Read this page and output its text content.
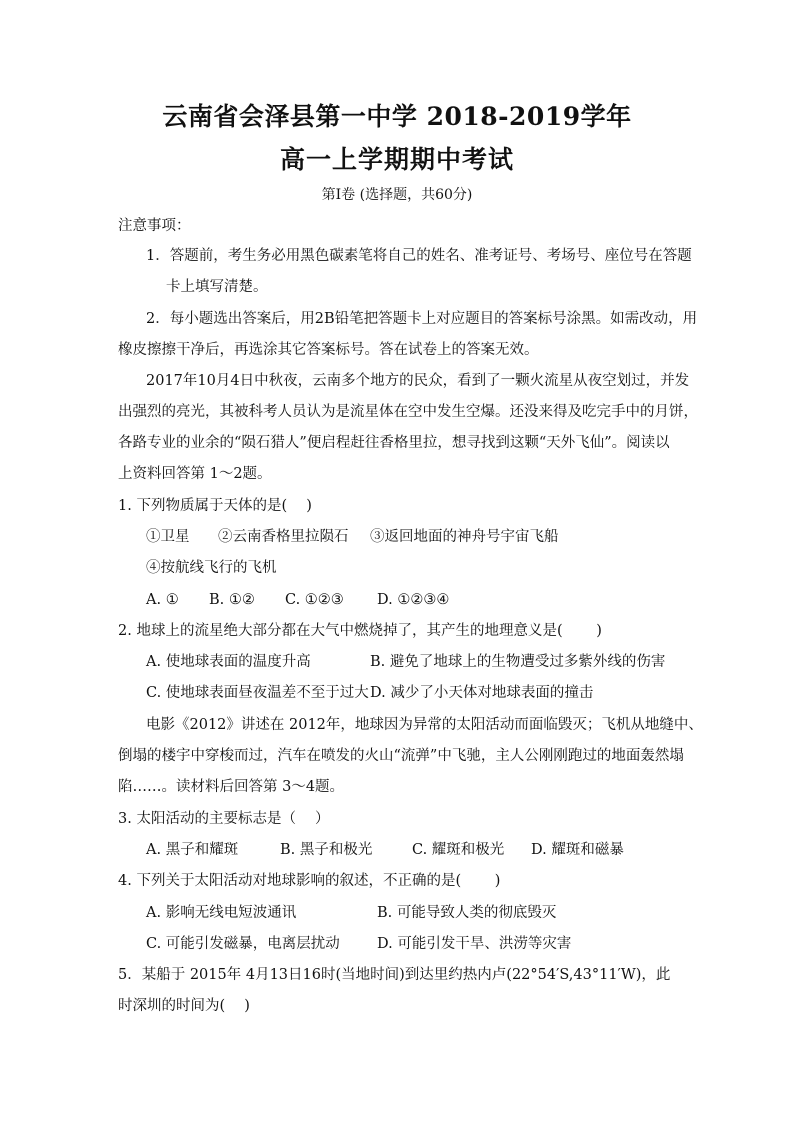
云南省会泽县第一中学 2018-2019学年
高一上学期期中考试
第Ⅰ卷 (选择题，共60分)
注意事项：
1．答题前，考生务必用黑色碳素笔将自己的姓名、准考证号、考场号、座位号在答题
卡上填写清楚。
2．每小题选出答案后，用2B铅笔把答题卡上对应题目的答案标号涂黑。如需改动，用
橡皮擦擦干净后，再选涂其它答案标号。答在试卷上的答案无效。
2017年10月4日中秋夜，云南多个地方的民众，看到了一颗火流星从夜空划过，并发
出强烈的亮光，其被科考人员认为是流星体在空中发生空爆。还没来得及吃完手中的月饼，
各路专业的业余的“陨石猎人”便启程赶往香格里拉，想寻找到这颗“天外飞仙”。阅读以
上资料回答第 1～2题。
1. 下列物质属于天体的是(　 )
①卫星 ②云南香格里拉陨石 ③返回地面的神舟号宇宙飞船
④按航线飞行的飞机
A. ① B. ①② C. ①②③ D. ①②③④
2. 地球上的流星绝大部分都在大气中燃烧掉了，其产生的地理意义是(　 　)
A. 使地球表面的温度升高	B. 避免了地球上的生物遭受过多紫外线的伤害
C. 使地球表面昼夜温差不至于过大 D. 减少了小天体对地球表面的撞击
电影《2012》讲述在 2012年，地球因为异常的太阳活动而面临毁灭；飞机从地缝中、
倒塌的楼宇中穿梭而过，汽车在喷发的火山“流弹”中飞驰，主人公刚刚跑过的地面轰然塌
陷……。读材料后回答第 3～4题。
3. 太阳活动的主要标志是（　 ）
A. 黑子和耀斑	B. 黑子和极光	C. 耀斑和极光 D. 耀斑和磁暴
4. 下列关于太阳活动对地球影响的叙述，不正确的是(　 　)
A. 影响无线电短波通讯	B. 可能导致人类的彻底毁灭
C. 可能引发磁暴，电离层扰动	D. 可能引发干旱、洪涝等灾害
5．某船于 2015年 4月13日16时(当地时间)到达里约热内卢(22°54′S,43°11′W)，此
时深圳的时间为(　 )
